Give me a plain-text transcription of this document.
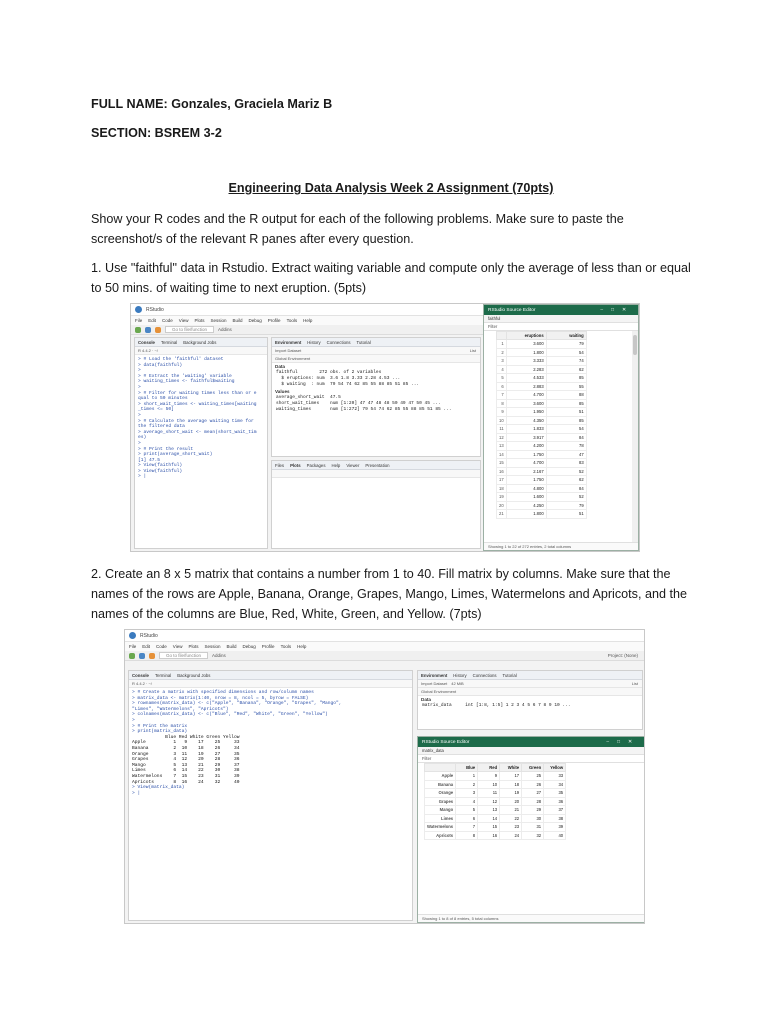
FULL NAME: Gonzales, Graciela Mariz B
SECTION: BSREM 3-2
Engineering Data Analysis Week 2 Assignment (70pts)
Show your R codes and the R output for each of the following problems. Make sure to paste the screenshot/s of the relevant R panes after every question.
1. Use "faithful" data in Rstudio. Extract waiting variable and compute only the average of less than or equal to 50 mins. of waiting time to next eruption. (5pts)
RStudio
File Edit Code View Plots Session Build Debug Profile Tools Help
Go to file/function	Addins
Console Terminal Background Jobs
R 4.4.2 · ~/
> # Load the 'faithful' dataset
> data(faithful)
>
> # Extract the 'waiting' variable
> waiting_times <- faithful$waiting
>
> # Filter for waiting times less than or e
qual to 50 minutes
> short_wait_times <- waiting_times[waiting
_times <= 50]
>
> # Calculate the average waiting time for
the filtered data
> average_short_wait <- mean(short_wait_tim
es)
>
> # Print the result
> print(average_short_wait)
[1] 47.5
> View(faithful)
> View(faithful)
> |
Environment History Connections Tutorial
Import Dataset	List
Global Environment
Data
faithful        272 obs. of 2 variables
$ eruptions: num  3.6 1.8 3.33 2.28 4.53 ...
$ waiting  : num  79 54 74 62 85 55 88 85 51 85 ...
Values
average_short_wait  47.5
short_wait_times    num [1:20] 47 47 48 48 50 49 47 50 45 ...
waiting_times       num [1:272] 79 54 74 62 85 55 88 85 51 85 ...
Files Plots Packages Help Viewer Presentation
RStudio Source Editor	–□✕
faithful
Filter
	eruptions	waiting
1	3.600	79
2	1.800	54
3	3.333	74
4	2.283	62
5	4.533	85
6	2.883	55
7	4.700	88
8	3.600	85
9	1.950	51
10	4.350	85
11	1.833	54
12	3.917	84
13	4.200	78
14	1.750	47
15	4.700	83
16	2.167	52
17	1.750	62
18	4.800	84
19	1.600	52
20	4.250	79
21	1.800	51
Showing 1 to 22 of 272 entries, 2 total columns
2. Create an 8 x 5 matrix that contains a number from 1 to 40. Fill matrix by columns. Make sure that the names of the rows are Apple, Banana, Orange, Grapes, Mango, Limes, Watermelons and Apricots, and the names of the columns are Blue, Red, White, Green, and Yellow. (7pts)
RStudio
File Edit Code View Plots Session Build Debug Profile Tools Help
Go to file/function	Addins	Project: (None)
Console Terminal Background Jobs
R 4.4.2 · ~/
> # Create a matrix with specified dimensions and row/column names
> matrix_data <- matrix(1:40, nrow = 8, ncol = 5, byrow = FALSE)
> rownames(matrix_data) <- c("Apple", "Banana", "Orange", "Grapes", "Mango",
"Limes", "Watermelons", "Apricots")
> colnames(matrix_data) <- c("Blue", "Red", "White", "Green", "Yellow")
>
> # Print the matrix
> print(matrix_data)
Blue Red White Green Yellow
Apple          1   9    17    25     33
Banana         2  10    18    26     34
Orange         3  11    19    27     35
Grapes         4  12    20    28     36
Mango          5  13    21    29     37
Limes          6  14    22    30     38
Watermelons    7  15    23    31     39
Apricots       8  16    24    32     40
> View(matrix_data)
> |
Environment History Connections Tutorial
Import Dataset 42 MiB	List
Global Environment
Data
matrix_data     int [1:8, 1:5] 1 2 3 4 5 6 7 8 9 10 ...
RStudio Source Editor	–□✕
matrix_data
Filter
	Blue	Red	White	Green	Yellow
Apple	1	9	17	25	33
Banana	2	10	18	26	34
Orange	3	11	19	27	35
Grapes	4	12	20	28	36
Mango	5	13	21	29	37
Limes	6	14	22	30	38
Watermelons	7	15	23	31	39
Apricots	8	16	24	32	40
Showing 1 to 8 of 8 entries, 5 total columns
